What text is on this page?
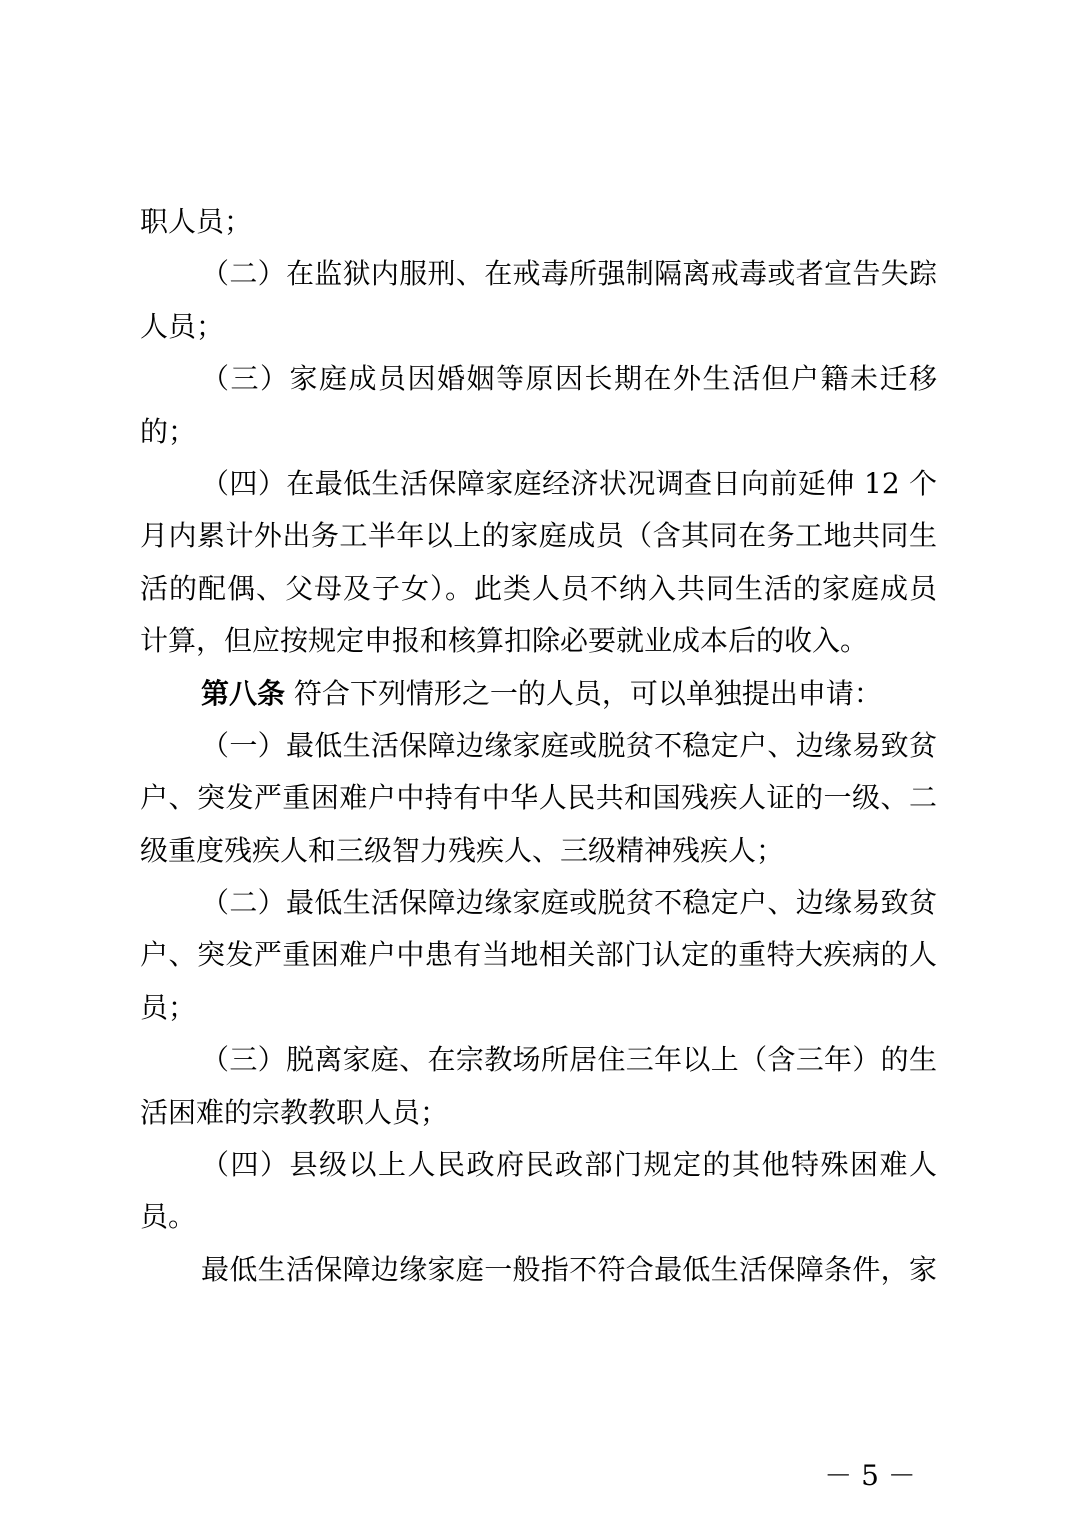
职人员；
（二）在监狱内服刑、在戒毒所强制隔离戒毒或者宣告失踪
人员；
（三）家庭成员因婚姻等原因长期在外生活但户籍未迁移
的；
（四）在最低生活保障家庭经济状况调查日向前延伸 12 个
月内累计外出务工半年以上的家庭成员（含其同在务工地共同生
活的配偶、父母及子女）。此类人员不纳入共同生活的家庭成员
计算，但应按规定申报和核算扣除必要就业成本后的收入。
第八条 符合下列情形之一的人员，可以单独提出申请：
（一）最低生活保障边缘家庭或脱贫不稳定户、边缘易致贫
户、突发严重困难户中持有中华人民共和国残疾人证的一级、二
级重度残疾人和三级智力残疾人、三级精神残疾人；
（二）最低生活保障边缘家庭或脱贫不稳定户、边缘易致贫
户、突发严重困难户中患有当地相关部门认定的重特大疾病的人
员；
（三）脱离家庭、在宗教场所居住三年以上（含三年）的生
活困难的宗教教职人员；
（四）县级以上人民政府民政部门规定的其他特殊困难人
员。
最低生活保障边缘家庭一般指不符合最低生活保障条件，家
－ 5 －
